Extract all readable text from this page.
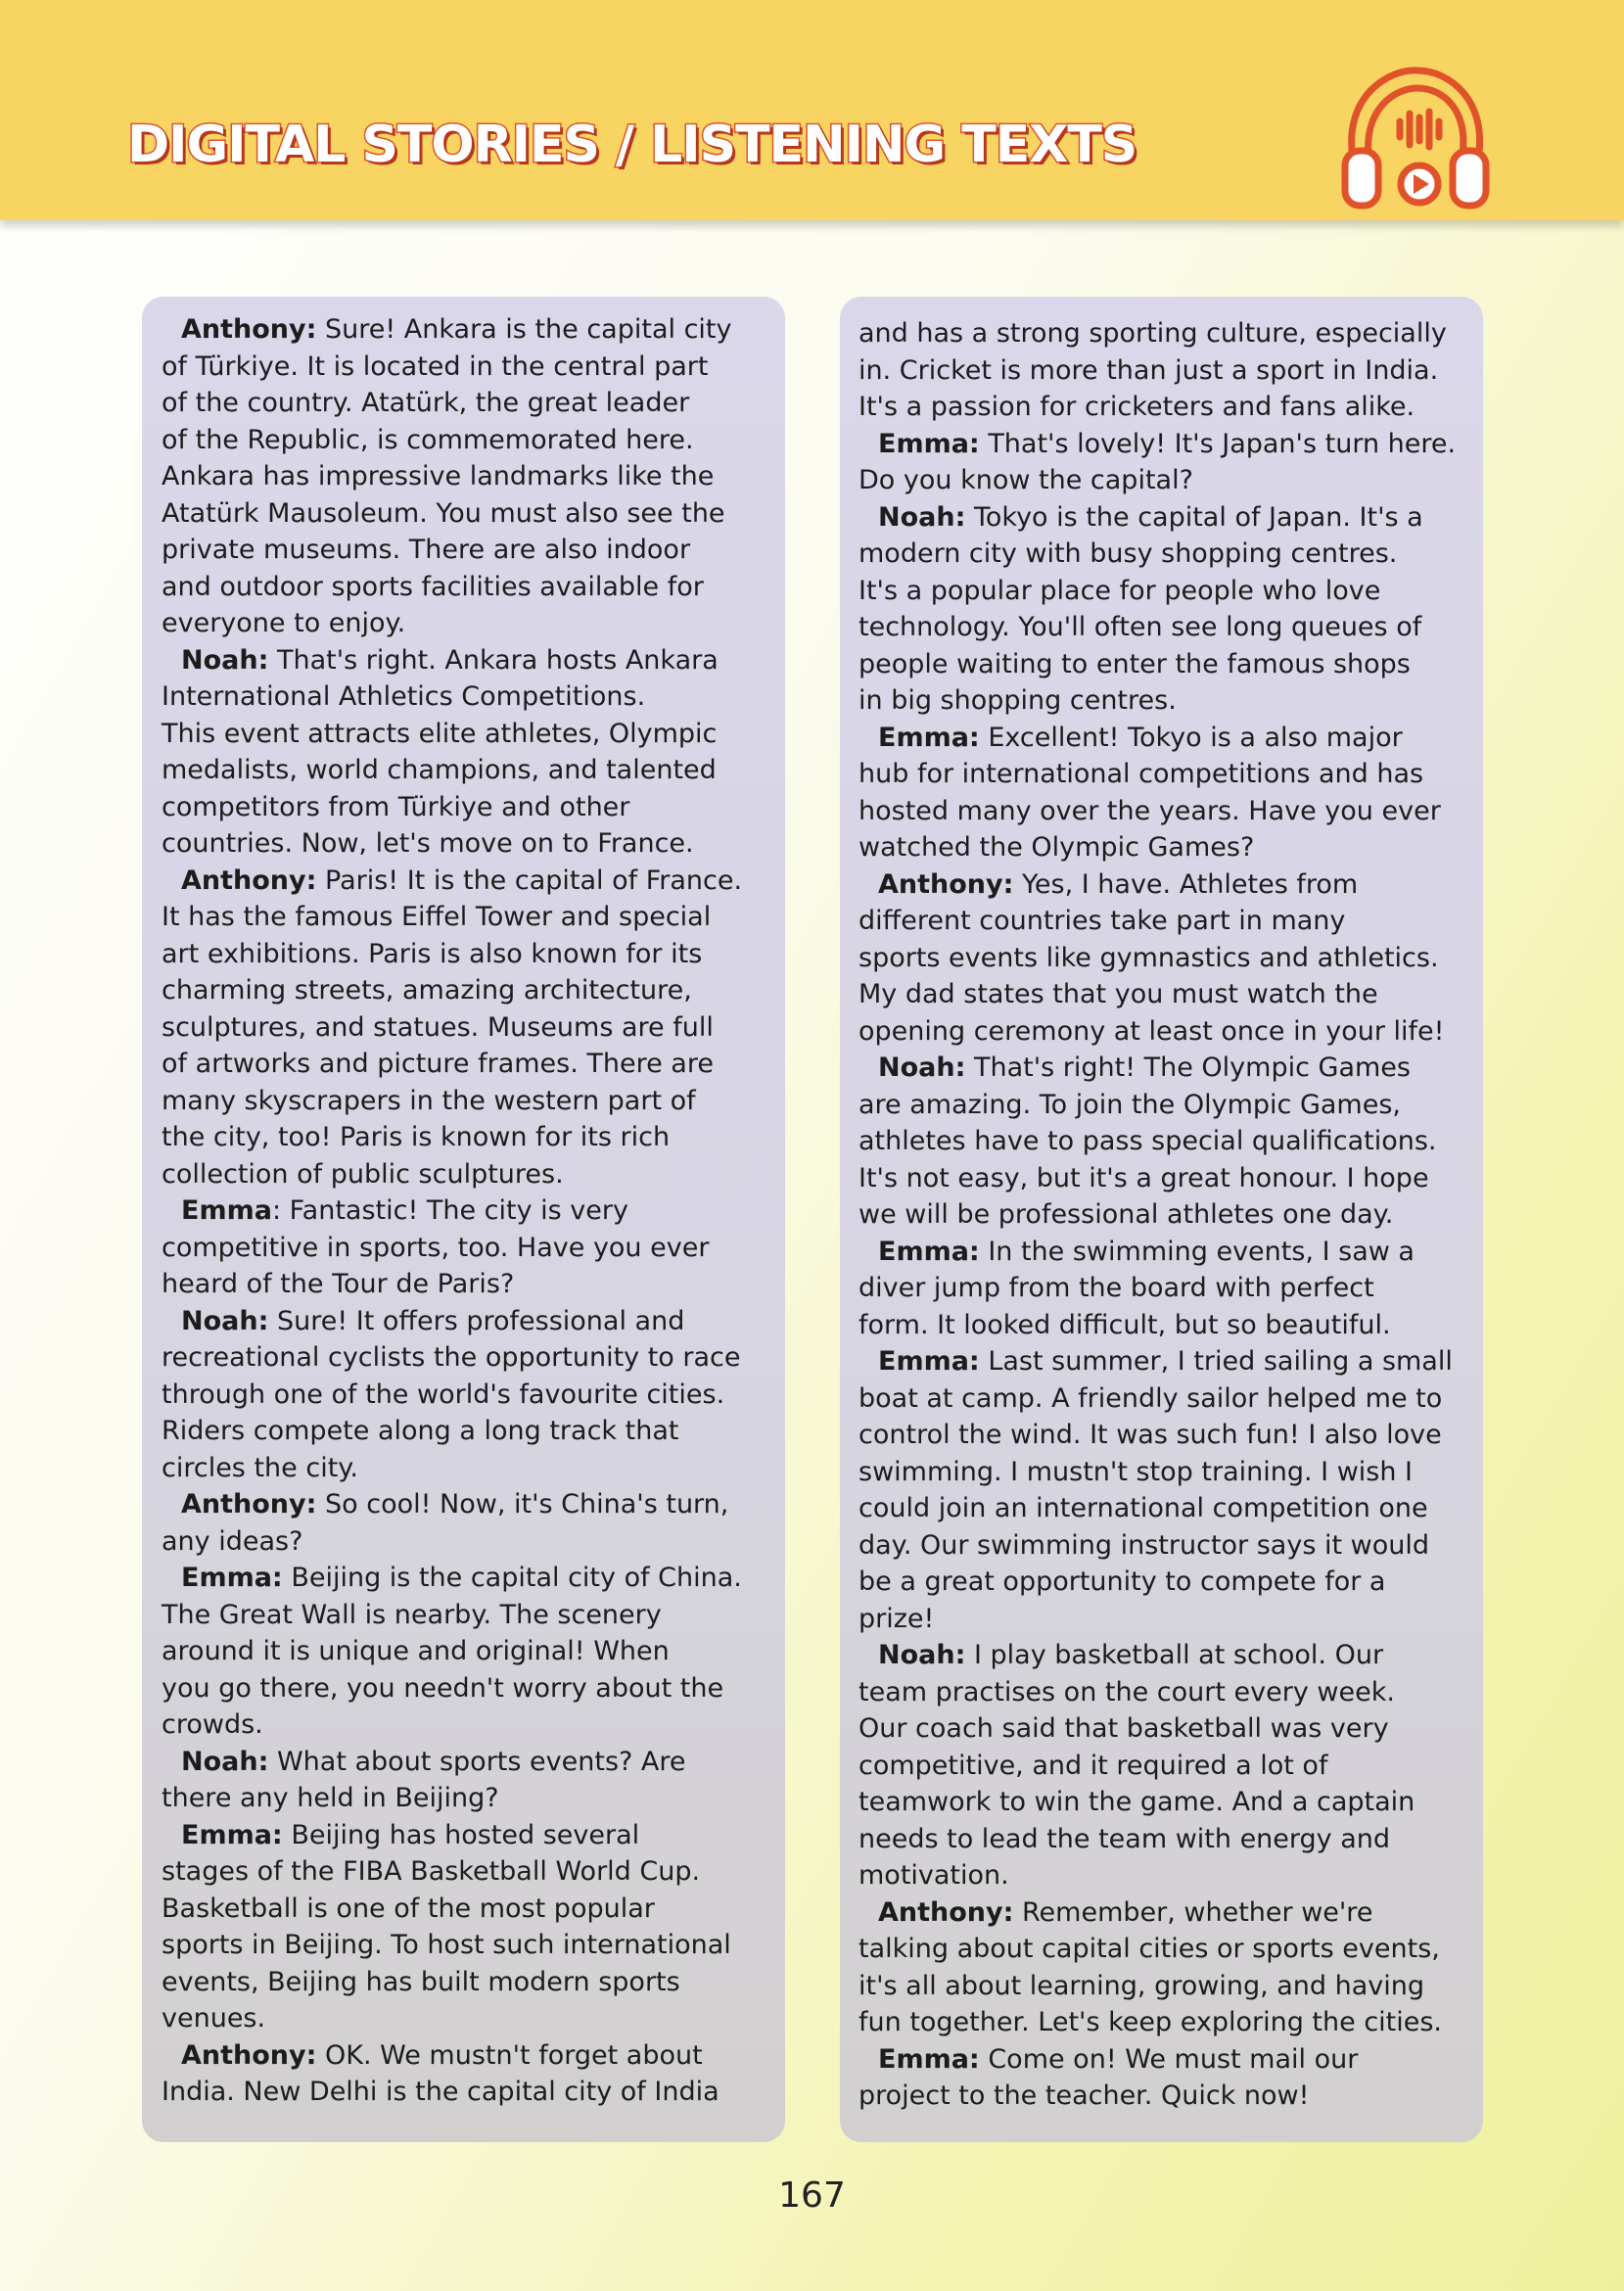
DIGITAL STORIES / LISTENING TEXTS
Anthony: Sure! Ankara is the capital city
of Türkiye. It is located in the central part
of the country. Atatürk, the great leader
of the Republic, is commemorated here.
Ankara has impressive landmarks like the
Atatürk Mausoleum. You must also see the
private museums. There are also indoor
and outdoor sports facilities available for
everyone to enjoy.
Noah: That's right. Ankara hosts Ankara
International Athletics Competitions.
This event attracts elite athletes, Olympic
medalists, world champions, and talented
competitors from Türkiye and other
countries. Now, let's move on to France.
Anthony: Paris! It is the capital of France.
It has the famous Eiffel Tower and special
art exhibitions. Paris is also known for its
charming streets, amazing architecture,
sculptures, and statues. Museums are full
of artworks and picture frames. There are
many skyscrapers in the western part of
the city, too! Paris is known for its rich
collection of public sculptures.
Emma: Fantastic! The city is very
competitive in sports, too. Have you ever
heard of the Tour de Paris?
Noah: Sure! It offers professional and
recreational cyclists the opportunity to race
through one of the world's favourite cities.
Riders compete along a long track that
circles the city.
Anthony: So cool! Now, it's China's turn,
any ideas?
Emma: Beijing is the capital city of China.
The Great Wall is nearby. The scenery
around it is unique and original! When
you go there, you needn't worry about the
crowds.
Noah: What about sports events? Are
there any held in Beijing?
Emma: Beijing has hosted several
stages of the FIBA Basketball World Cup.
Basketball is one of the most popular
sports in Beijing. To host such international
events, Beijing has built modern sports
venues.
Anthony: OK. We mustn't forget about
India. New Delhi is the capital city of India
and has a strong sporting culture, especially
in. Cricket is more than just a sport in India.
It's a passion for cricketers and fans alike.
Emma: That's lovely! It's Japan's turn here.
Do you know the capital?
Noah: Tokyo is the capital of Japan. It's a
modern city with busy shopping centres.
It's a popular place for people who love
technology. You'll often see long queues of
people waiting to enter the famous shops
in big shopping centres.
Emma: Excellent! Tokyo is a also major
hub for international competitions and has
hosted many over the years. Have you ever
watched the Olympic Games?
Anthony: Yes, I have. Athletes from
different countries take part in many
sports events like gymnastics and athletics.
My dad states that you must watch the
opening ceremony at least once in your life!
Noah: That's right! The Olympic Games
are amazing. To join the Olympic Games,
athletes have to pass special qualifications.
It's not easy, but it's a great honour. I hope
we will be professional athletes one day.
Emma: In the swimming events, I saw a
diver jump from the board with perfect
form. It looked difficult, but so beautiful.
Emma: Last summer, I tried sailing a small
boat at camp. A friendly sailor helped me to
control the wind. It was such fun! I also love
swimming. I mustn't stop training. I wish I
could join an international competition one
day. Our swimming instructor says it would
be a great opportunity to compete for a
prize!
Noah: I play basketball at school. Our
team practises on the court every week.
Our coach said that basketball was very
competitive, and it required a lot of
teamwork to win the game. And a captain
needs to lead the team with energy and
motivation.
Anthony: Remember, whether we're
talking about capital cities or sports events,
it's all about learning, growing, and having
fun together. Let's keep exploring the cities.
Emma: Come on! We must mail our
project to the teacher. Quick now!
167
